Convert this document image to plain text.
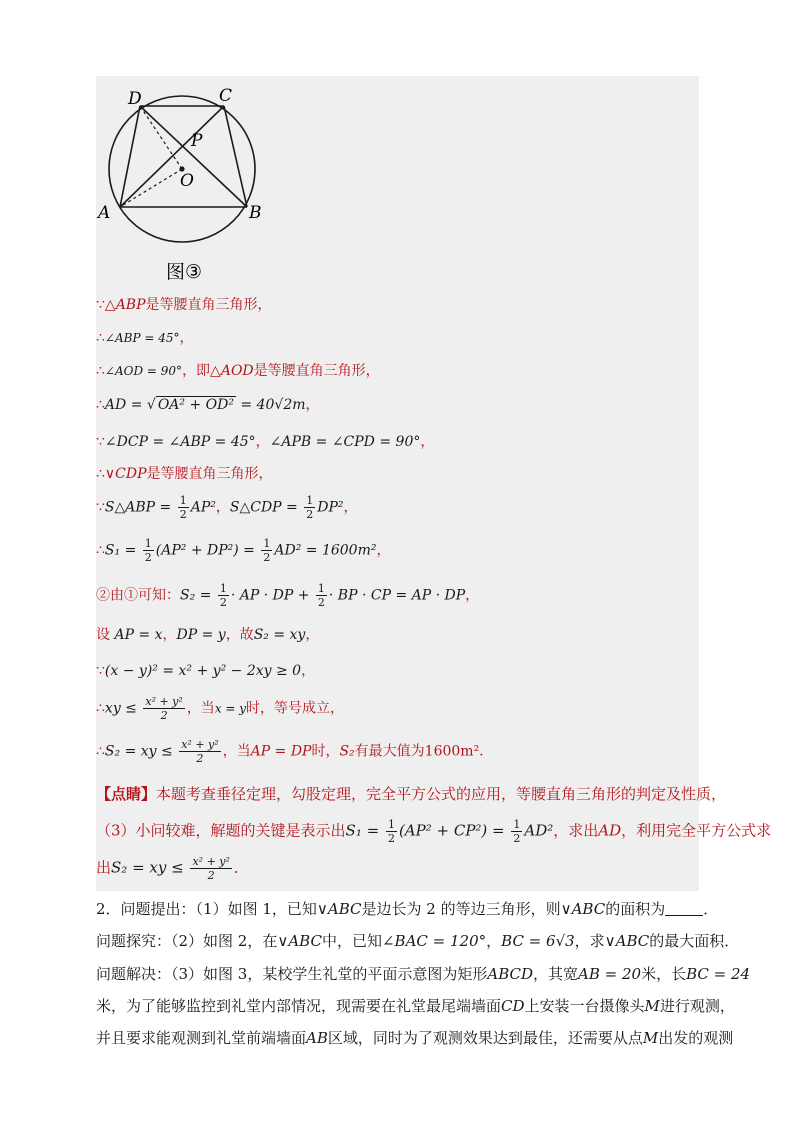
D	C
P
O
A	B
图③
∵△ABP是等腰直角三角形，
∴∠ABP = 45°，
∴∠AOD = 90°，即△AOD是等腰直角三角形，
∴AD = √ OA² + OD² = 40√2m，
∵∠DCP = ∠ABP = 45°，∠APB = ∠CPD = 90°，
∴∨CDP是等腰直角三角形，
∵S△ABP = $\frac{1}{2} AP^2$，S△CDP = $\frac{1}{2} DP^2$，
∴S₁ = $\frac{1}{2} (AP^2 + DP^2) = \frac{1}{2} AD^2 = 1600m^2$，
②由①可知：$S_2 = \frac{1}{2}$ · AP · DP + $\frac{1}{2}$ · BP · CP = AP · DP，
设 AP = x，DP = y，故S₂ = xy，
∵(x − y)² = x² + y² − 2xy ≥ 0，
∴xy ≤ $\frac{\text{x² + y²}}{2}$ ，当x = y时，等号成立，
∴S₂ = xy ≤ $\frac{\text{x² + y²}}{2}$ ，当AP = DP时，S₂有最大值为1600m²．
【点睛】本题考查垂径定理，勾股定理，完全平方公式的应用，等腰直角三角形的判定及性质，
（3）小问较难，解题的关键是表示出$S_1 = \frac{1}{2} (AP^2 + CP^2) = \frac{1}{2} AD^2$，求出AD，利用完全平方公式求
出S₂ = xy ≤ $\frac{\text{x² + y²}}{2}$ ．
2．问题提出：（1）如图 1，已知∨ABC是边长为 2 的等边三角形，则∨ABC的面积为	．
问题探究：（2）如图 2，在∨ABC中，已知∠BAC = 120°，BC = 6√3，求∨ABC的最大面积．
问题解决：（3）如图 3，某校学生礼堂的平面示意图为矩形ABCD，其宽AB = 20米，长BC = 24
米，为了能够监控到礼堂内部情况，现需要在礼堂最尾端墙面CD上安装一台摄像头M进行观测，
并且要求能观测到礼堂前端墙面AB区域，同时为了观测效果达到最佳，还需要从点M出发的观测
